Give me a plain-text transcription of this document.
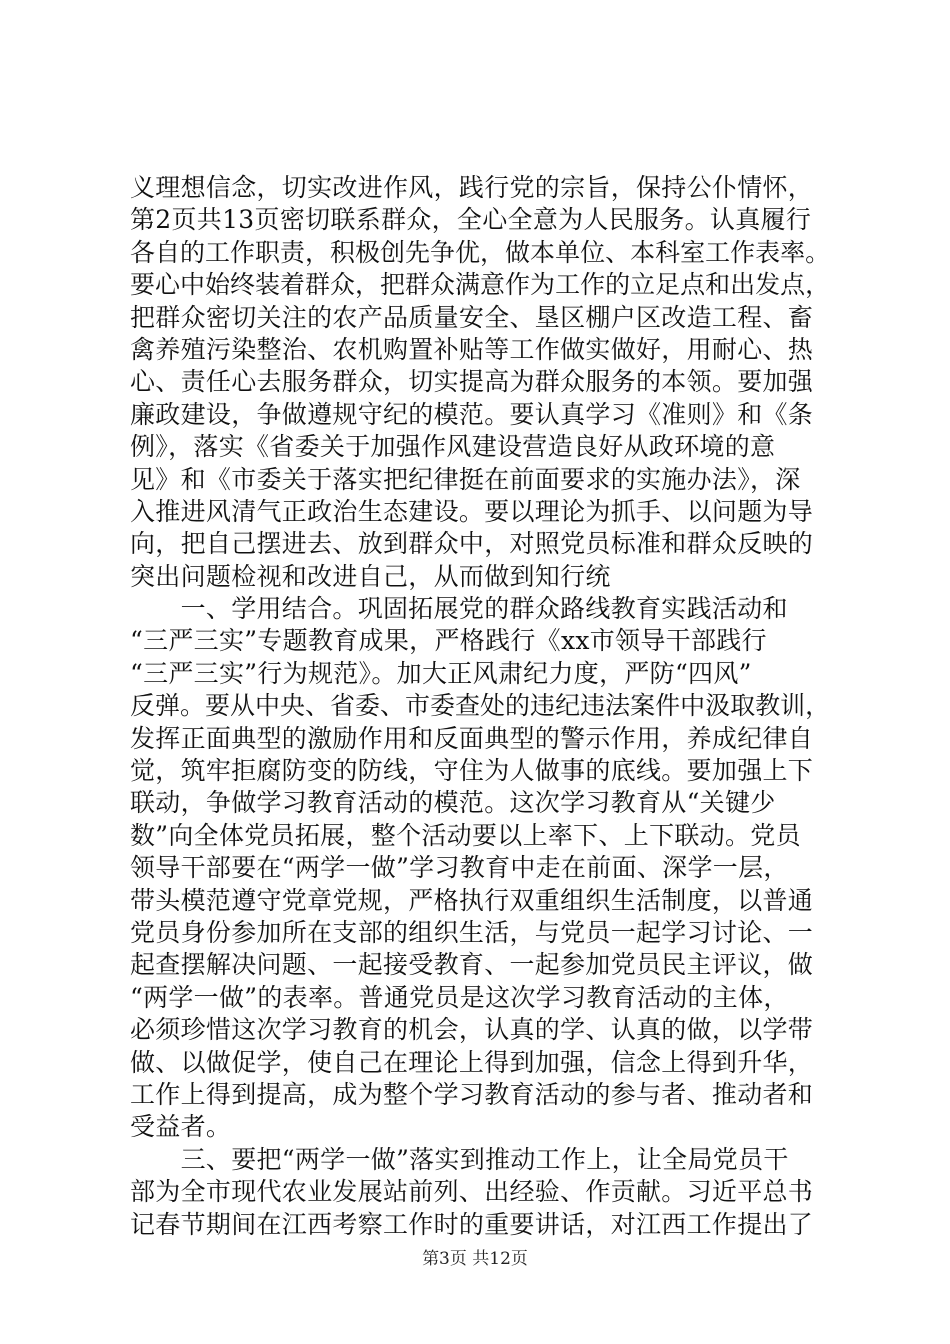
义理想信念，切实改进作风，践行党的宗旨，保持公仆情怀，
第2页共13页密切联系群众，全心全意为人民服务。认真履行
各自的工作职责，积极创先争优，做本单位、本科室工作表率。
要心中始终装着群众，把群众满意作为工作的立足点和出发点，
把群众密切关注的农产品质量安全、垦区棚户区改造工程、畜
禽养殖污染整治、农机购置补贴等工作做实做好，用耐心、热
心、责任心去服务群众，切实提高为群众服务的本领。要加强
廉政建设，争做遵规守纪的模范。要认真学习《准则》和《条
例》，落实《省委关于加强作风建设营造良好从政环境的意
见》和《市委关于落实把纪律挺在前面要求的实施办法》，深
入推进风清气正政治生态建设。要以理论为抓手、以问题为导
向，把自己摆进去、放到群众中，对照党员标准和群众反映的
突出问题检视和改进自己，从而做到知行统
　　一、学用结合。巩固拓展党的群众路线教育实践活动和
“三严三实”专题教育成果，严格践行《xx市领导干部践行
“三严三实”行为规范》。加大正风肃纪力度，严防“四风”
反弹。要从中央、省委、市委查处的违纪违法案件中汲取教训，
发挥正面典型的激励作用和反面典型的警示作用，养成纪律自
觉，筑牢拒腐防变的防线，守住为人做事的底线。要加强上下
联动，争做学习教育活动的模范。这次学习教育从“关键少
数”向全体党员拓展，整个活动要以上率下、上下联动。党员
领导干部要在“两学一做”学习教育中走在前面、深学一层，
带头模范遵守党章党规，严格执行双重组织生活制度，以普通
党员身份参加所在支部的组织生活，与党员一起学习讨论、一
起查摆解决问题、一起接受教育、一起参加党员民主评议，做
“两学一做”的表率。普通党员是这次学习教育活动的主体，
必须珍惜这次学习教育的机会，认真的学、认真的做，以学带
做、以做促学，使自己在理论上得到加强，信念上得到升华，
工作上得到提高，成为整个学习教育活动的参与者、推动者和
受益者。
　　三、要把“两学一做”落实到推动工作上，让全局党员干
部为全市现代农业发展站前列、出经验、作贡献。习近平总书
记春节期间在江西考察工作时的重要讲话，对江西工作提出了
第3页 共12页
